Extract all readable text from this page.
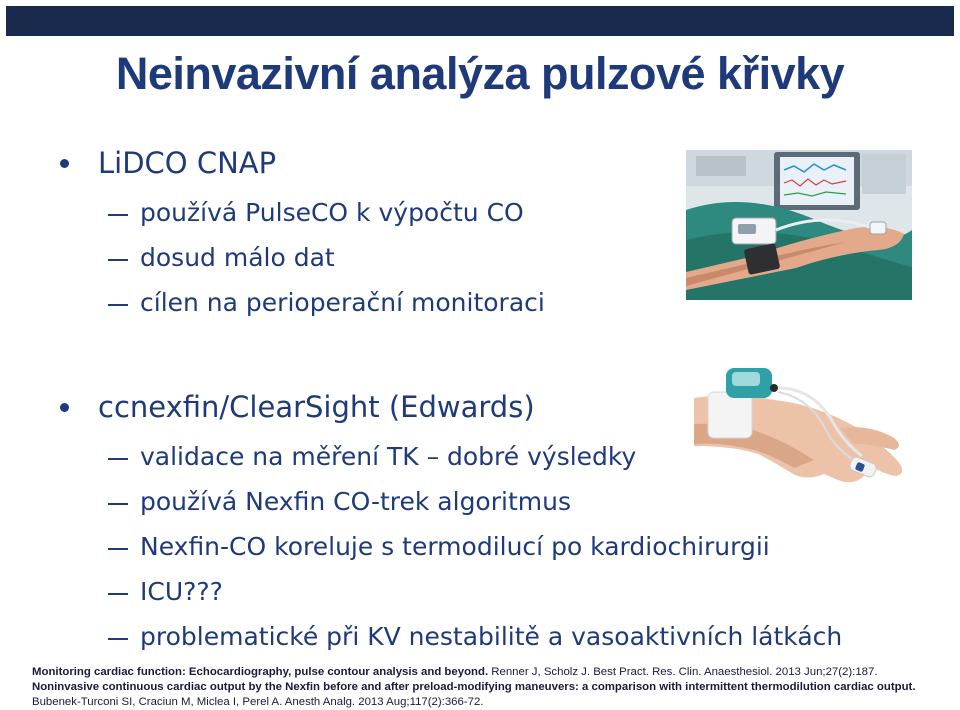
Neinvazivní analýza pulzové křivky
LiDCO CNAP
používá PulseCO k výpočtu CO
dosud málo dat
cílen na perioperační monitoraci
ccnexfin/ClearSight (Edwards)
validace na měření TK – dobré výsledky
používá Nexfin CO-trek algoritmus
Nexfin-CO koreluje s termodilucí po kardiochirurgii
ICU???
problematické při KV nestabilitě a vasoaktivních látkách
Monitoring cardiac function: Echocardiography, pulse contour analysis and beyond. Renner J, Scholz J. Best Pract. Res. Clin. Anaesthesiol. 2013 Jun;27(2):187.
Noninvasive continuous cardiac output by the Nexfin before and after preload-modifying maneuvers: a comparison with intermittent thermodilution cardiac output. Bubenek-Turconi SI, Craciun M, Miclea I, Perel A. Anesth Analg. 2013 Aug;117(2):366-72.
